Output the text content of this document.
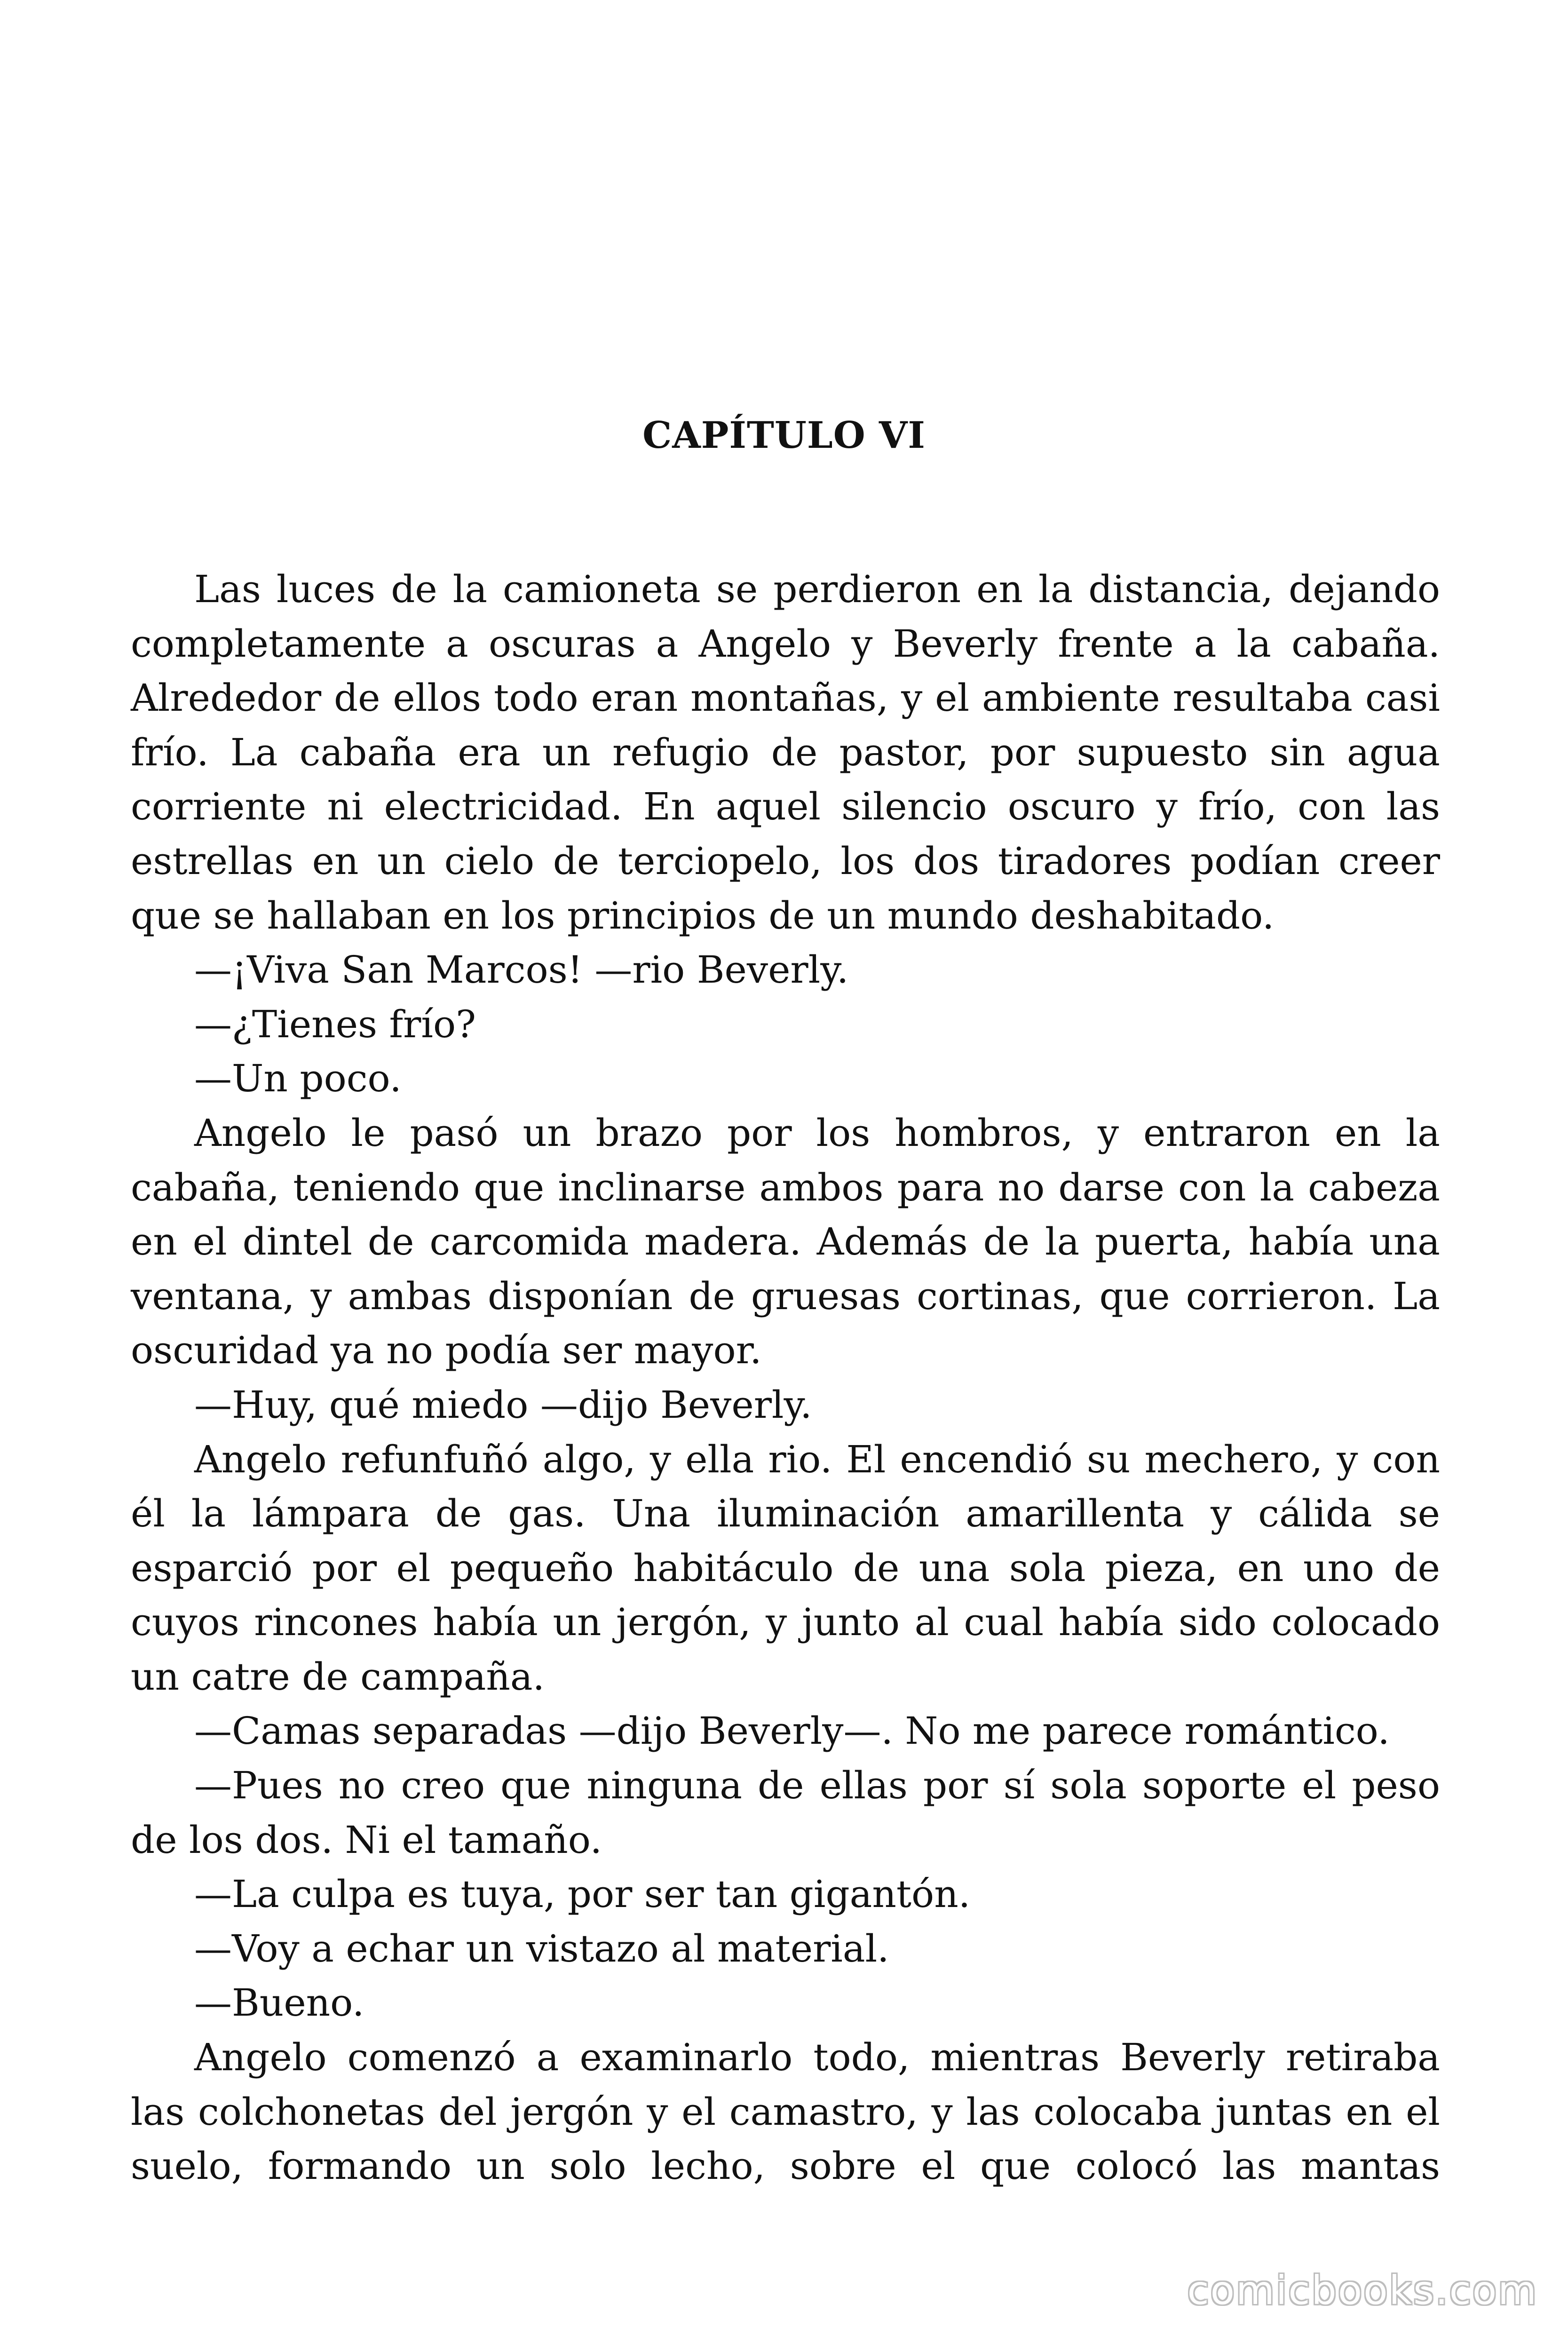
CAPÍTULO VI
Las luces de la camioneta se perdieron en la distancia, dejando
completamente a oscuras a Angelo y Beverly frente a la cabaña.
Alrededor de ellos todo eran montañas, y el ambiente resultaba casi
frío. La cabaña era un refugio de pastor, por supuesto sin agua
corriente ni electricidad. En aquel silencio oscuro y frío, con las
estrellas en un cielo de terciopelo, los dos tiradores podían creer
que se hallaban en los principios de un mundo deshabitado.
—¡Viva San Marcos! —rio Beverly.
—¿Tienes frío?
—Un poco.
Angelo le pasó un brazo por los hombros, y entraron en la
cabaña, teniendo que inclinarse ambos para no darse con la cabeza
en el dintel de carcomida madera. Además de la puerta, había una
ventana, y ambas disponían de gruesas cortinas, que corrieron. La
oscuridad ya no podía ser mayor.
—Huy, qué miedo —dijo Beverly.
Angelo refunfuñó algo, y ella rio. El encendió su mechero, y con
él la lámpara de gas. Una iluminación amarillenta y cálida se
esparció por el pequeño habitáculo de una sola pieza, en uno de
cuyos rincones había un jergón, y junto al cual había sido colocado
un catre de campaña.
—Camas separadas —dijo Beverly—. No me parece romántico.
—Pues no creo que ninguna de ellas por sí sola soporte el peso
de los dos. Ni el tamaño.
—La culpa es tuya, por ser tan gigantón.
—Voy a echar un vistazo al material.
—Bueno.
Angelo comenzó a examinarlo todo, mientras Beverly retiraba
las colchonetas del jergón y el camastro, y las colocaba juntas en el
suelo, formando un solo lecho, sobre el que colocó las mantas
comicbooks.com
